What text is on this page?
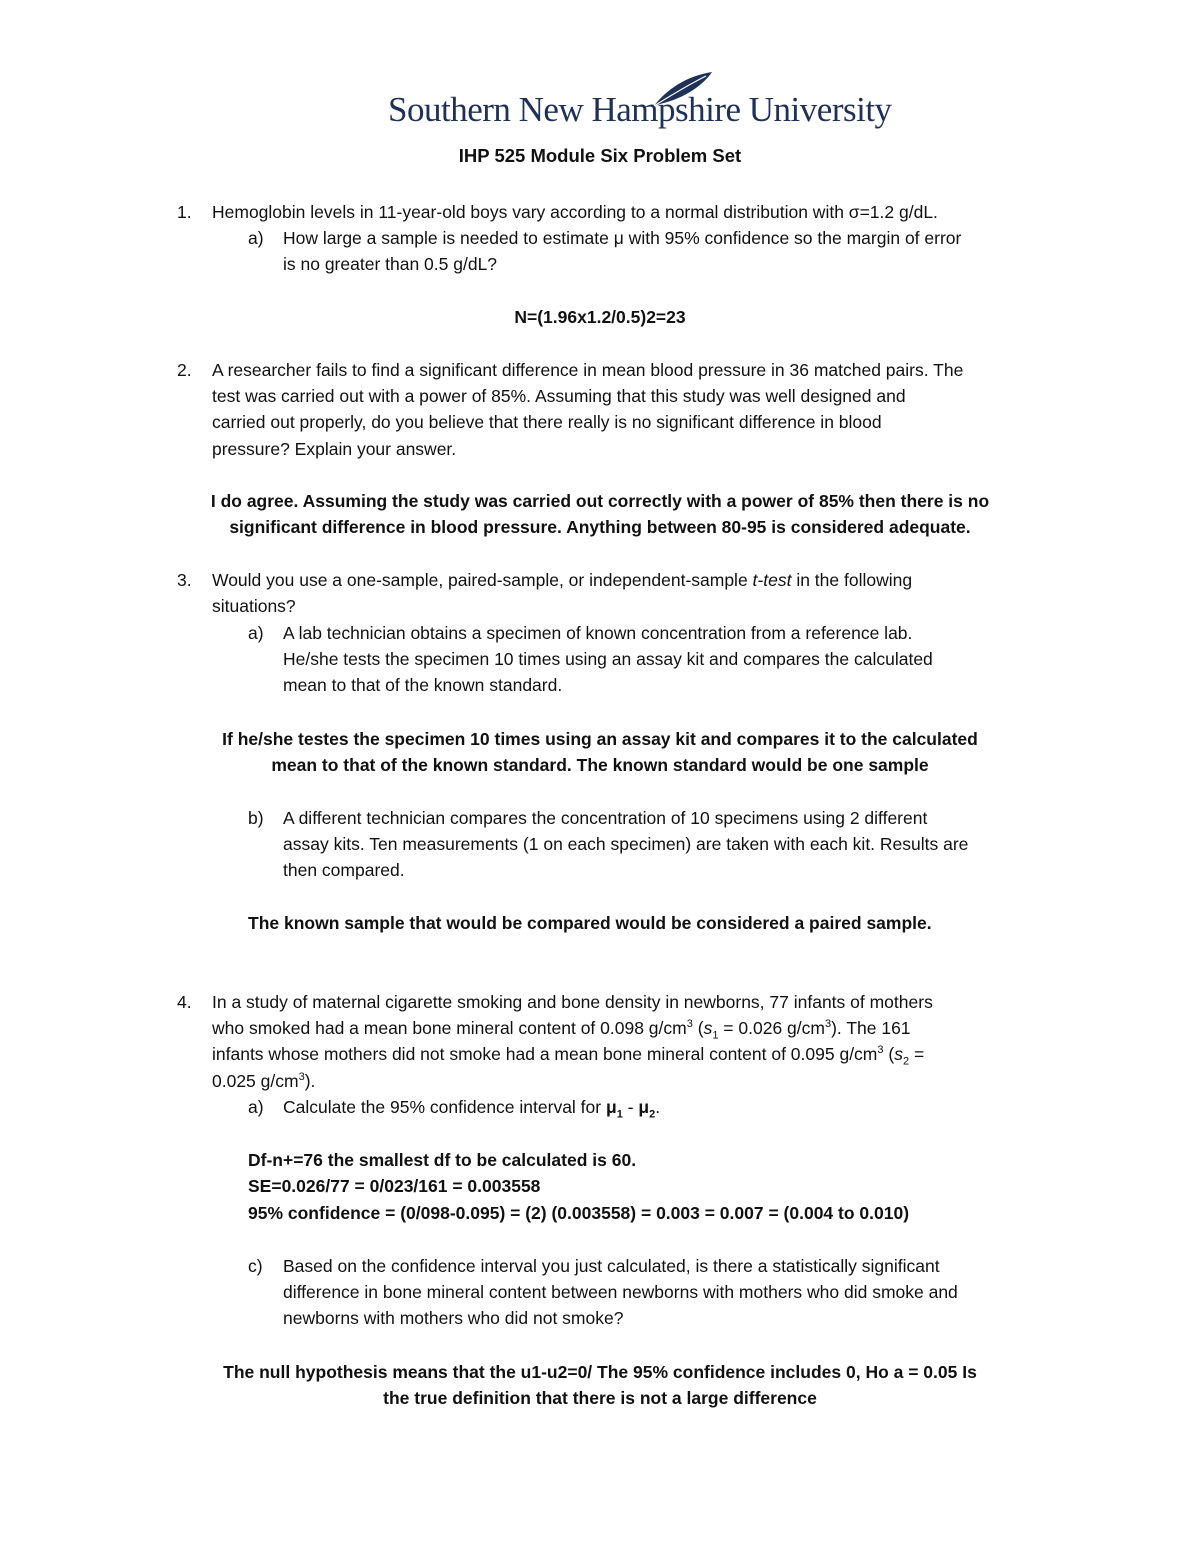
Southern New Hampshire University
IHP 525 Module Six Problem Set
1. Hemoglobin levels in 11-year-old boys vary according to a normal distribution with σ=1.2 g/dL.
a) How large a sample is needed to estimate μ with 95% confidence so the margin of error
is no greater than 0.5 g/dL?
N=(1.96x1.2/0.5)2=23
2. A researcher fails to find a significant difference in mean blood pressure in 36 matched pairs. The
test was carried out with a power of 85%. Assuming that this study was well designed and
carried out properly, do you believe that there really is no significant difference in blood
pressure? Explain your answer.
I do agree. Assuming the study was carried out correctly with a power of 85% then there is no
significant difference in blood pressure. Anything between 80-95 is considered adequate.
3. Would you use a one-sample, paired-sample, or independent-sample t-test in the following
situations?
a) A lab technician obtains a specimen of known concentration from a reference lab.
He/she tests the specimen 10 times using an assay kit and compares the calculated
mean to that of the known standard.
If he/she testes the specimen 10 times using an assay kit and compares it to the calculated
mean to that of the known standard. The known standard would be one sample
b) A different technician compares the concentration of 10 specimens using 2 different
assay kits. Ten measurements (1 on each specimen) are taken with each kit. Results are
then compared.
The known sample that would be compared would be considered a paired sample.
4. In a study of maternal cigarette smoking and bone density in newborns, 77 infants of mothers
who smoked had a mean bone mineral content of 0.098 $g/cm^3$ ($s_1 = 0.026$ $g/cm^3$). The 161
infants whose mothers did not smoke had a mean bone mineral content of 0.095 $g/cm^3$ ($s_2$ =
0.025 $g/cm^3$).
a) Calculate the 95% confidence interval for $\mu_1 - \mu_2$.
Df-n+=76 the smallest df to be calculated is 60.
SE=0.026/77 = 0/023/161 = 0.003558
95% confidence = (0/098-0.095) = (2) (0.003558) = 0.003 = 0.007 = (0.004 to 0.010)
c) Based on the confidence interval you just calculated, is there a statistically significant
difference in bone mineral content between newborns with mothers who did smoke and
newborns with mothers who did not smoke?
The null hypothesis means that the u1-u2=0/ The 95% confidence includes 0, Ho a = 0.05 Is
the true definition that there is not a large difference
